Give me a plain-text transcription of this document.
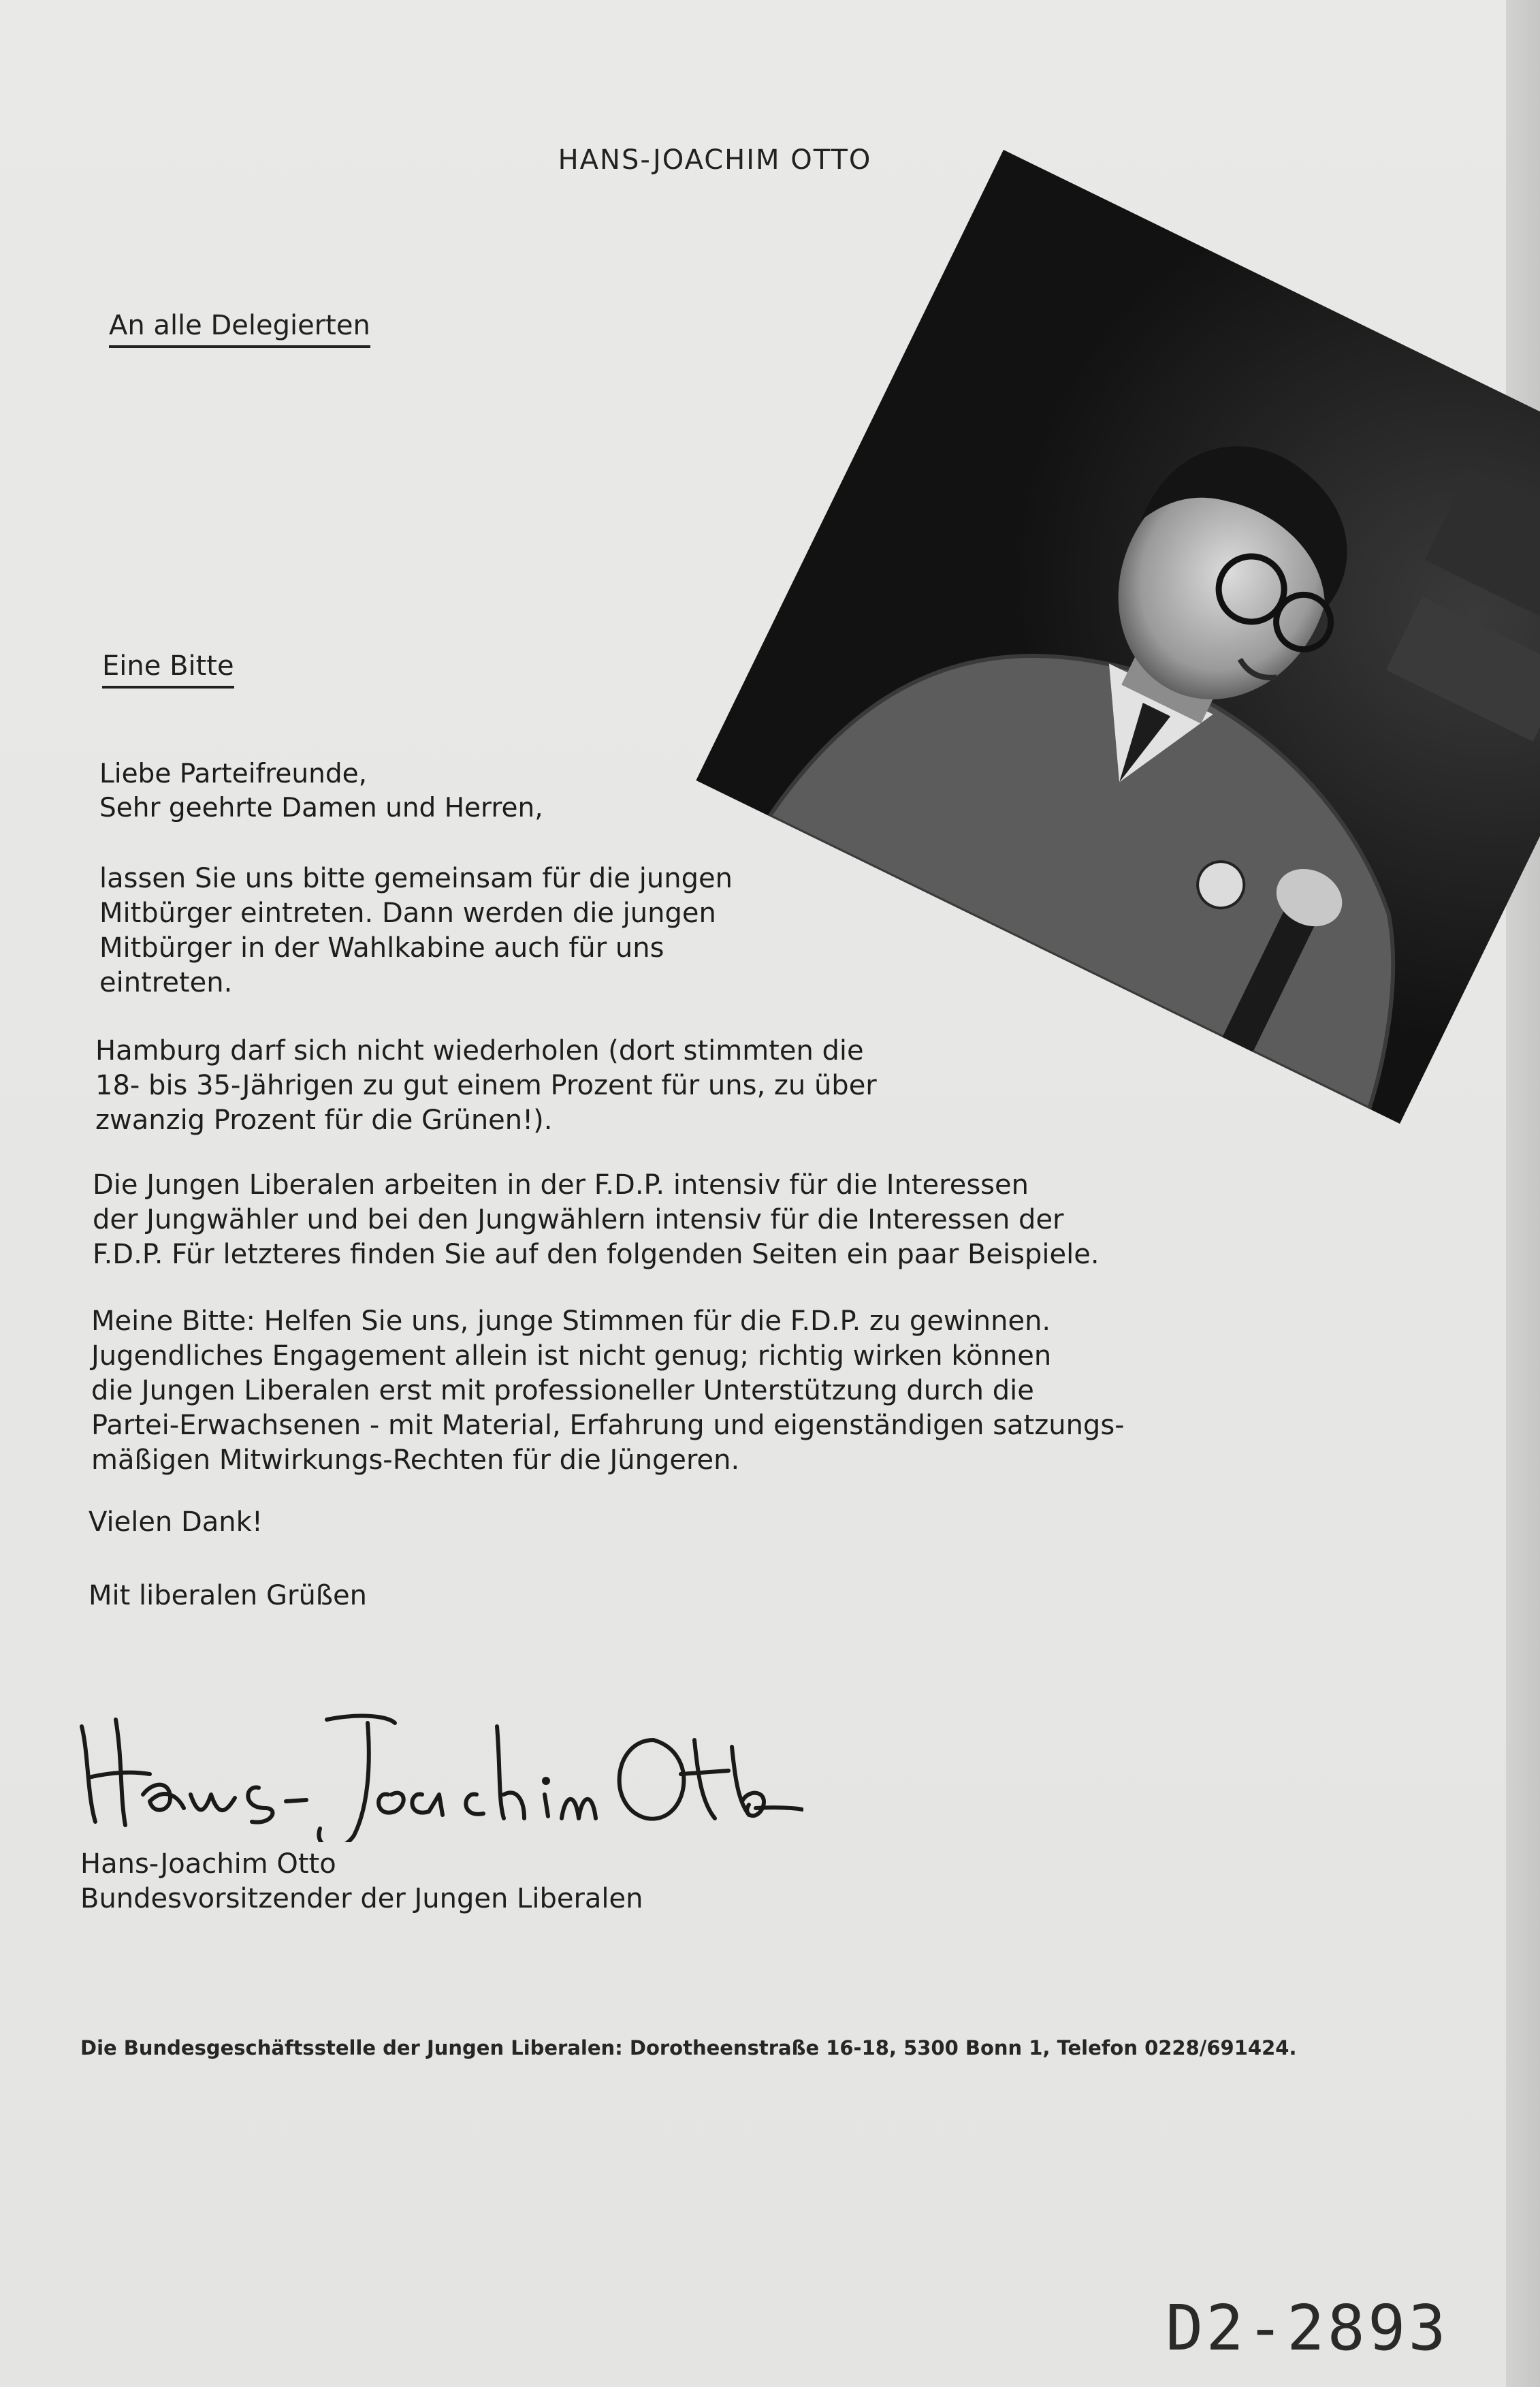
HANS-JOACHIM OTTO
An alle Delegierten
Eine Bitte
Liebe Parteifreunde,
Sehr geehrte Damen und Herren,
lassen Sie uns bitte gemeinsam für die jungen
Mitbürger eintreten. Dann werden die jungen
Mitbürger in der Wahlkabine auch für uns
eintreten.
Hamburg darf sich nicht wiederholen (dort stimmten die
18- bis 35-Jährigen zu gut einem Prozent für uns, zu über
zwanzig Prozent für die Grünen!).
Die Jungen Liberalen arbeiten in der F.D.P. intensiv für die Interessen
der Jungwähler und bei den Jungwählern intensiv für die Interessen der
F.D.P. Für letzteres finden Sie auf den folgenden Seiten ein paar Beispiele.
Meine Bitte: Helfen Sie uns, junge Stimmen für die F.D.P. zu gewinnen.
Jugendliches Engagement allein ist nicht genug; richtig wirken können
die Jungen Liberalen erst mit professioneller Unterstützung durch die
Partei-Erwachsenen - mit Material, Erfahrung und eigenständigen satzungs-
mäßigen Mitwirkungs-Rechten für die Jüngeren.
Vielen Dank!
Mit liberalen Grüßen
Hans-Joachim Otto
Bundesvorsitzender der Jungen Liberalen
Die Bundesgeschäftsstelle der Jungen Liberalen: Dorotheenstraße 16-18, 5300 Bonn 1, Telefon 0228/691424.
D2-2893
